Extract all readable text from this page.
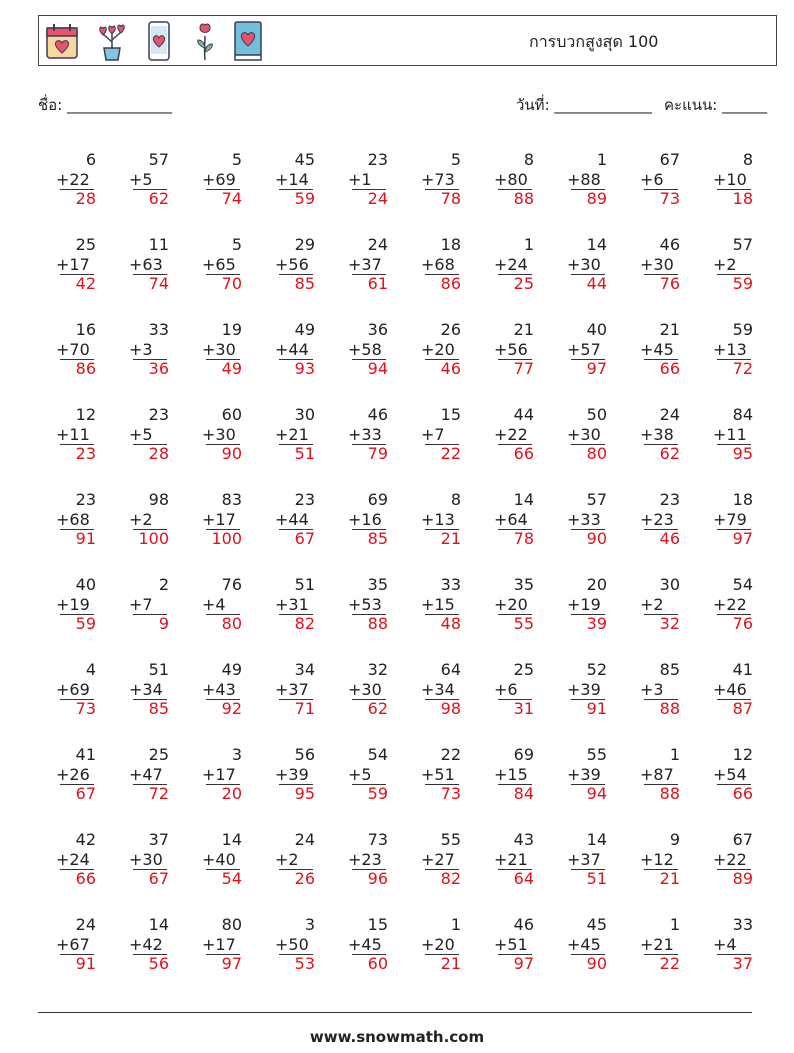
การบวกสูงสุด 100
ชื่อ: ______________	วันที่: _____________ คะแนน: ______
6
+22
28
57
+5
62
5
+69
74
45
+14
59
23
+1
24
5
+73
78
8
+80
88
1
+88
89
67
+6
73
8
+10
18
25
+17
42
11
+63
74
5
+65
70
29
+56
85
24
+37
61
18
+68
86
1
+24
25
14
+30
44
46
+30
76
57
+2
59
16
+70
86
33
+3
36
19
+30
49
49
+44
93
36
+58
94
26
+20
46
21
+56
77
40
+57
97
21
+45
66
59
+13
72
12
+11
23
23
+5
28
60
+30
90
30
+21
51
46
+33
79
15
+7
22
44
+22
66
50
+30
80
24
+38
62
84
+11
95
23
+68
91
98
+2
100
83
+17
100
23
+44
67
69
+16
85
8
+13
21
14
+64
78
57
+33
90
23
+23
46
18
+79
97
40
+19
59
2
+7
9
76
+4
80
51
+31
82
35
+53
88
33
+15
48
35
+20
55
20
+19
39
30
+2
32
54
+22
76
4
+69
73
51
+34
85
49
+43
92
34
+37
71
32
+30
62
64
+34
98
25
+6
31
52
+39
91
85
+3
88
41
+46
87
41
+26
67
25
+47
72
3
+17
20
56
+39
95
54
+5
59
22
+51
73
69
+15
84
55
+39
94
1
+87
88
12
+54
66
42
+24
66
37
+30
67
14
+40
54
24
+2
26
73
+23
96
55
+27
82
43
+21
64
14
+37
51
9
+12
21
67
+22
89
24
+67
91
14
+42
56
80
+17
97
3
+50
53
15
+45
60
1
+20
21
46
+51
97
45
+45
90
1
+21
22
33
+4
37
www.snowmath.com
